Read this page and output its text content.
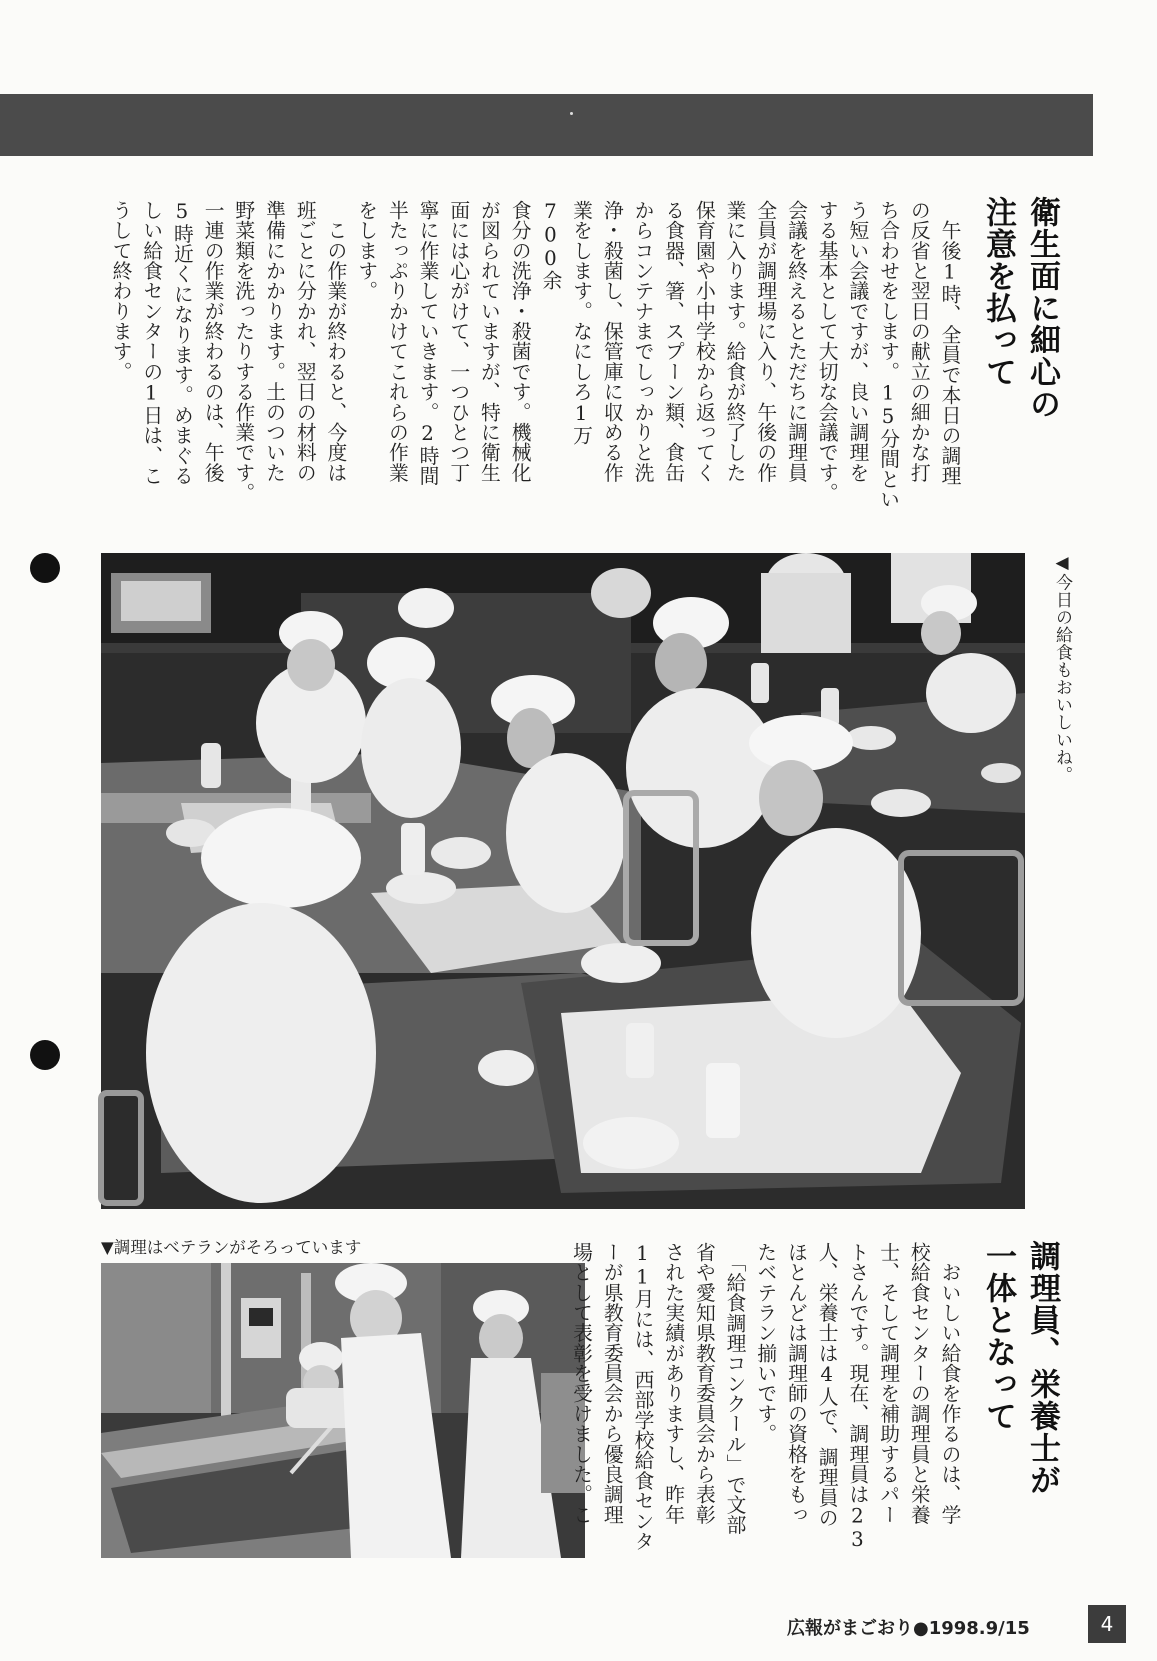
衛生面に細心の
注意を払って
　午後1時、全員で本日の調理
の反省と翌日の献立の細かな打
ち合わせをします。15分間とい
う短い会議ですが、良い調理を
する基本として大切な会議です。
会議を終えるとただちに調理員
全員が調理場に入り、午後の作
業に入ります。給食が終了した
保育園や小中学校から返ってく
る食器、箸、スプーン類、食缶
からコンテナまでしっかりと洗
浄・殺菌し、保管庫に収める作
業をします。なにしろ1万700余
食分の洗浄・殺菌です。機械化
が図られていますが、特に衛生
面には心がけて、一つひとつ丁
寧に作業していきます。2時間
半たっぷりかけてこれらの作業
をします。
　この作業が終わると、今度は
班ごとに分かれ、翌日の材料の
準備にかかります。土のついた
野菜類を洗ったりする作業です。
一連の作業が終わるのは、午後
5時近くになります。めまぐる
しい給食センターの1日は、こ
うして終わります。
◀今日の給食もおいしいね。
▼調理はベテランがそろっています	調理員、栄養士が
一体となって
　おいしい給食を作るのは、学
校給食センターの調理員と栄養
士、そして調理を補助するパー
トさんです。現在、調理員は23
人、栄養士は4人で、調理員の
ほとんどは調理師の資格をもっ
たベテラン揃いです。
　「給食調理コンクール」で文部
省や愛知県教育委員会から表彰
された実績がありますし、昨年
11月には、西部学校給食センタ
ーが県教育委員会から優良調理
場として表彰を受けました。こ
広報がまごおり●1998.9/15	4
